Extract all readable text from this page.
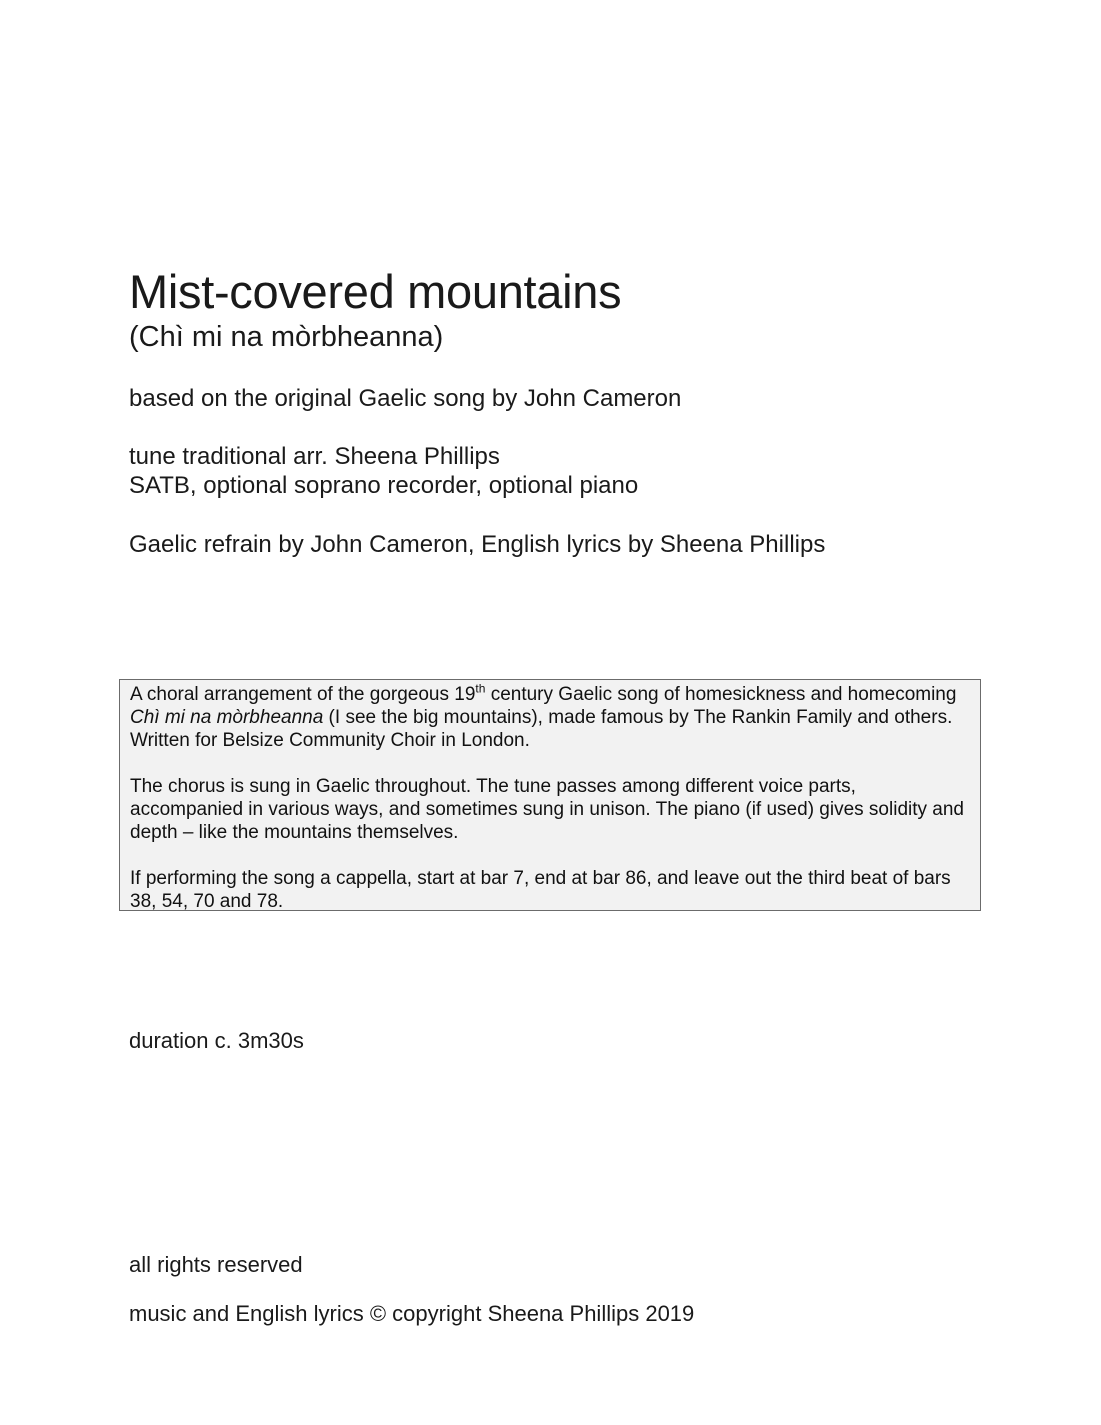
Mist-covered mountains
(Chì mi na mòrbheanna)
based on the original Gaelic song by John Cameron
tune traditional arr. Sheena Phillips
SATB, optional soprano recorder, optional piano
Gaelic refrain by John Cameron, English lyrics by Sheena Phillips

A choral arrangement of the gorgeous 19th century Gaelic song of homesickness and homecoming Chì mi na mòrbheanna (I see the big mountains), made famous by The Rankin Family and others. Written for Belsize Community Choir in London.

The chorus is sung in Gaelic throughout. The tune passes among different voice parts, accompanied in various ways, and sometimes sung in unison. The piano (if used) gives solidity and depth – like the mountains themselves.

If performing the song a cappella, start at bar 7, end at bar 86, and leave out the third beat of bars 38, 54, 70 and 78.

duration c. 3m30s
all rights reserved
music and English lyrics © copyright Sheena Phillips 2019
